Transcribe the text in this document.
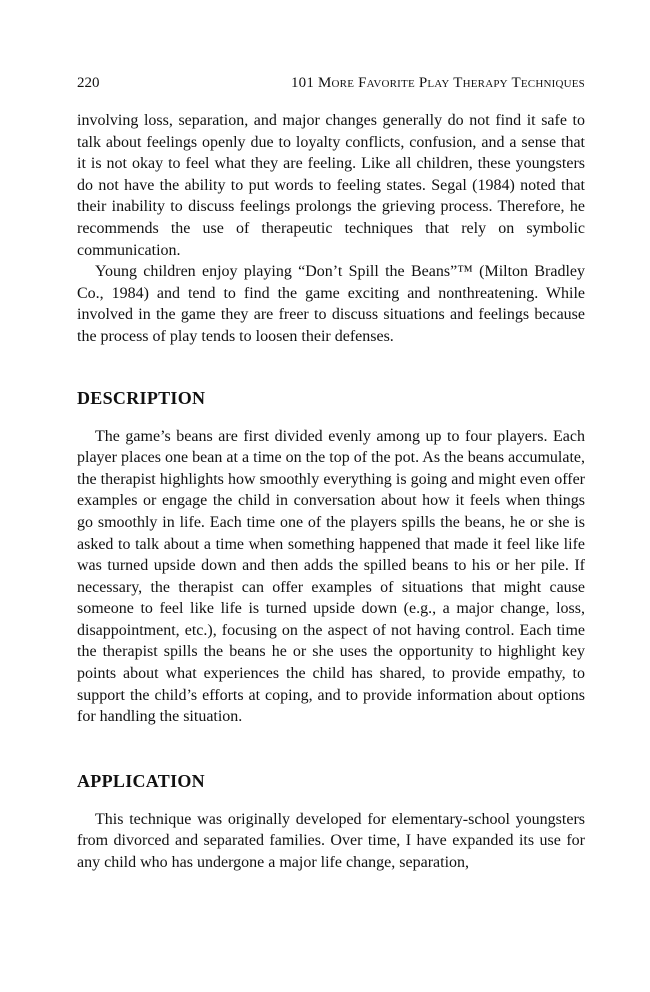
220	101 More Favorite Play Therapy Techniques

involving loss, separation, and major changes generally do not find it safe to talk about feelings openly due to loyalty conflicts, confusion, and a sense that it is not okay to feel what they are feeling. Like all children, these youngsters do not have the ability to put words to feeling states. Segal (1984) noted that their inability to discuss feelings prolongs the grieving process. Therefore, he recommends the use of therapeutic techniques that rely on symbolic communication.

Young children enjoy playing “Don’t Spill the Beans”™ (Milton Bradley Co., 1984) and tend to find the game exciting and nonthreatening. While involved in the game they are freer to discuss situations and feelings because the process of play tends to loosen their defenses.

DESCRIPTION

The game’s beans are first divided evenly among up to four players. Each player places one bean at a time on the top of the pot. As the beans accumulate, the therapist highlights how smoothly everything is going and might even offer examples or engage the child in conversation about how it feels when things go smoothly in life. Each time one of the players spills the beans, he or she is asked to talk about a time when something happened that made it feel like life was turned upside down and then adds the spilled beans to his or her pile. If necessary, the therapist can offer examples of situations that might cause someone to feel like life is turned upside down (e.g., a major change, loss, disappointment, etc.), focusing on the aspect of not having control. Each time the therapist spills the beans he or she uses the opportunity to highlight key points about what experiences the child has shared, to provide empathy, to support the child’s efforts at coping, and to provide information about options for handling the situation.

APPLICATION

This technique was originally developed for elementary-school youngsters from divorced and separated families. Over time, I have expanded its use for any child who has undergone a major life change, separation,
